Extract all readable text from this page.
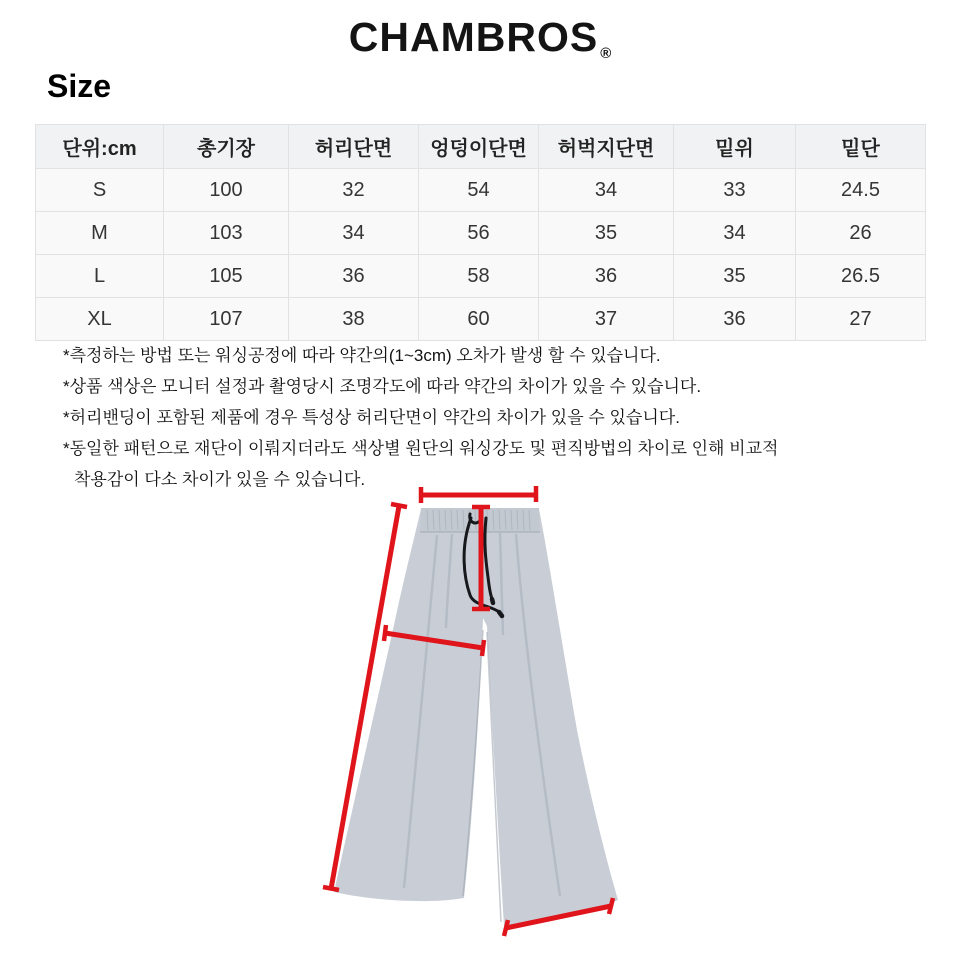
CHAMBROS ®
Size
단위:cm	총기장	허리단면	엉덩이단면	허벅지단면	밑위	밑단
S	100	32	54	34	33	24.5
M	103	34	56	35	34	26
L	105	36	58	36	35	26.5
XL	107	38	60	37	36	27
*측정하는 방법 또는 워싱공정에 따라 약간의(1~3cm) 오차가 발생 할 수 있습니다.
*상품 색상은 모니터 설정과 촬영당시 조명각도에 따라 약간의 차이가 있을 수 있습니다.
*허리밴딩이 포함된 제품에 경우 특성상 허리단면이 약간의 차이가 있을 수 있습니다.
*동일한 패턴으로 재단이 이뤄지더라도 색상별 원단의 워싱강도 및 편직방법의 차이로 인해 비교적
착용감이 다소 차이가 있을 수 있습니다.
